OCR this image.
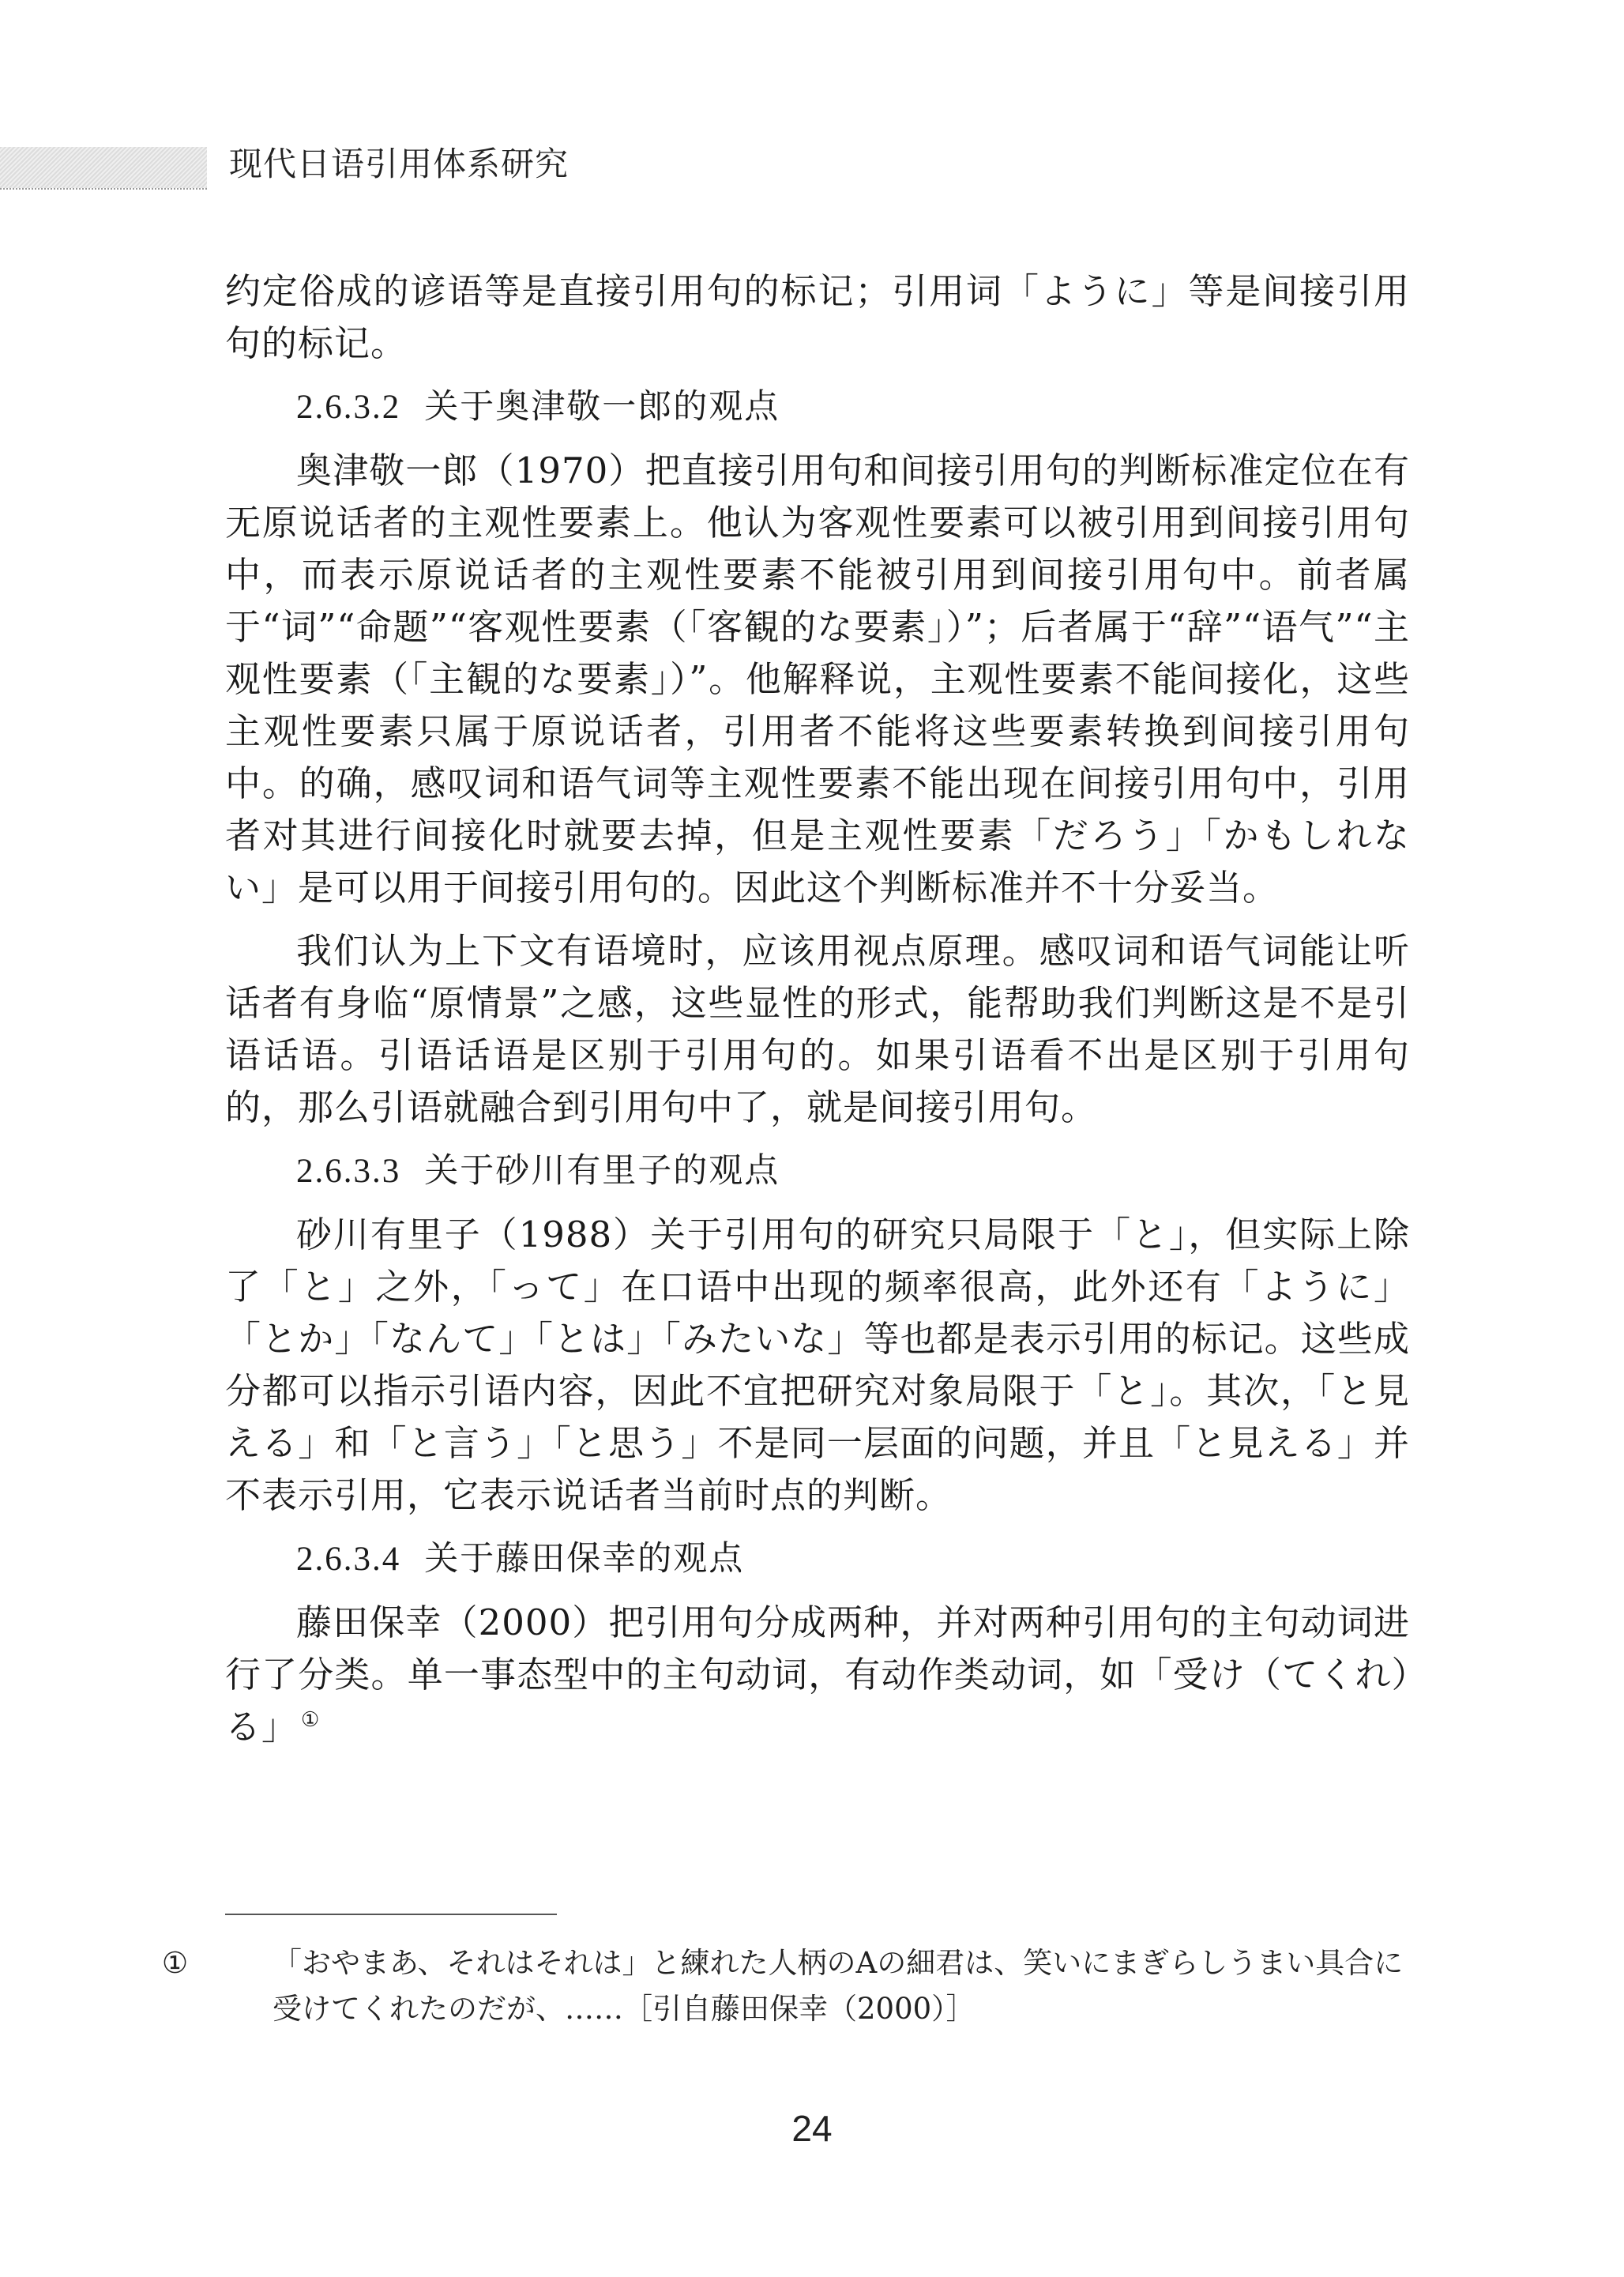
现代日语引用体系研究

约定俗成的谚语等是直接引用句的标记；引用词「ように」等是间接引用句的标记。

2.6.3.2 关于奥津敬一郎的观点

奥津敬一郎（1970）把直接引用句和间接引用句的判断标准定位在有无原说话者的主观性要素上。他认为客观性要素可以被引用到间接引用句中，而表示原说话者的主观性要素不能被引用到间接引用句中。前者属于“词”“命题”“客观性要素（「客観的な要素」）”；后者属于“辞”“语气”“主观性要素（「主観的な要素」）”。他解释说，主观性要素不能间接化，这些主观性要素只属于原说话者，引用者不能将这些要素转换到间接引用句中。的确，感叹词和语气词等主观性要素不能出现在间接引用句中，引用者对其进行间接化时就要去掉，但是主观性要素「だろう」「かもしれない」是可以用于间接引用句的。因此这个判断标准并不十分妥当。

我们认为上下文有语境时，应该用视点原理。感叹词和语气词能让听话者有身临“原情景”之感，这些显性的形式，能帮助我们判断这是不是引语话语。引语话语是区别于引用句的。如果引语看不出是区别于引用句的，那么引语就融合到引用句中了，就是间接引用句。

2.6.3.3 关于砂川有里子的观点

砂川有里子（1988）关于引用句的研究只局限于「と」，但实际上除了「と」之外，「って」在口语中出现的频率很高，此外还有「ように」「とか」「なんて」「とは」「みたいな」等也都是表示引用的标记。这些成分都可以指示引语内容，因此不宜把研究对象局限于「と」。其次，「と見える」和「と言う」「と思う」不是同一层面的问题，并且「と見える」并不表示引用，它表示说话者当前时点的判断。

2.6.3.4 关于藤田保幸的观点

藤田保幸（2000）把引用句分成两种，并对两种引用句的主句动词进行了分类。单一事态型中的主句动词，有动作类动词，如「受け（てくれ）る」 ①

①	「おやまあ、それはそれは」と練れた人柄のAの細君は、笑いにまぎらしうまい具合に受けてくれたのだが、……［引自藤田保幸（2000）］
24
